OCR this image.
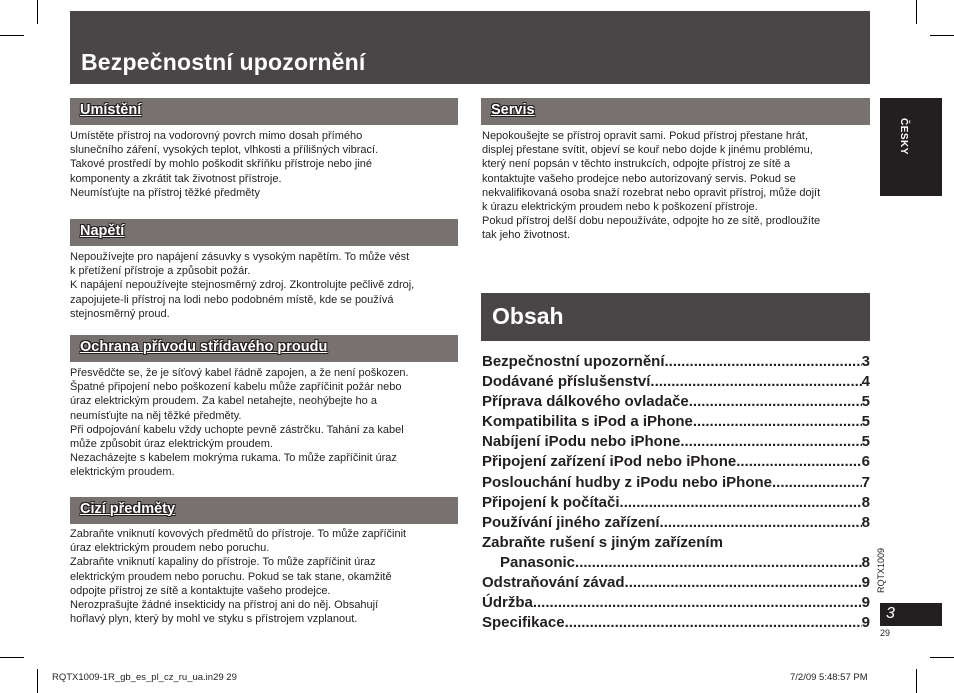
Bezpečnostní upozornění
Umístění
Umístěte přístroj na vodorovný povrch mimo dosah přímého
slunečního záření, vysokých teplot, vlhkosti a přílišných vibrací.
Takové prostředí by mohlo poškodit skříňku přístroje nebo jiné
komponenty a zkrátit tak životnost přístroje.
Neumísťujte na přístroj těžké předměty
Napětí
Nepoužívejte pro napájení zásuvky s vysokým napětím. To může vést
k přetížení přístroje a způsobit požár.
K napájení nepoužívejte stejnosměrný zdroj. Zkontrolujte pečlivě zdroj,
zapojujete-li přístroj na lodi nebo podobném místě, kde se používá
stejnosměrný proud.
Ochrana přívodu střídavého proudu
Přesvědčte se, že je síťový kabel řádně zapojen, a že není poškozen.
Špatné připojení nebo poškození kabelu může zapříčinit požár nebo
úraz elektrickým proudem. Za kabel netahejte, neohýbejte ho a
neumísťujte na něj těžké předměty.
Při odpojování kabelu vždy uchopte pevně zástrčku. Tahání za kabel
může způsobit úraz elektrickým proudem.
Nezacházejte s kabelem mokrýma rukama. To může zapříčinit úraz
elektrickým proudem.
Cizí předměty
Zabraňte vniknutí kovových předmětů do přístroje. To může zapříčinit
úraz elektrickým proudem nebo poruchu.
Zabraňte vniknutí kapaliny do přístroje. To může zapříčinit úraz
elektrickým proudem nebo poruchu. Pokud se tak stane, okamžitě
odpojte přístroj ze sítě a kontaktujte vašeho prodejce.
Nerozprašujte žádné insekticidy na přístroj ani do něj. Obsahují
hořlavý plyn, který by mohl ve styku s přístrojem vzplanout.
Servis
Nepokoušejte se přístroj opravit sami. Pokud přístroj přestane hrát,
displej přestane svítit, objeví se kouř nebo dojde k jinému problému,
který není popsán v těchto instrukcích, odpojte přístroj ze sítě a
kontaktujte vašeho prodejce nebo autorizovaný servis. Pokud se
nekvalifikovaná osoba snaží rozebrat nebo opravit přístroj, může dojít
k úrazu elektrickým proudem nebo k poškození přístroje.
Pokud přístroj delší dobu nepoužíváte, odpojte ho ze sítě, prodloužíte
tak jeho životnost.
Obsah
Bezpečnostní upozornění .....	3
Dodávané příslušenství .....	4
Příprava dálkového ovladače .....	5
Kompatibilita s iPod a iPhone .....	5
Nabíjení iPodu nebo iPhone .....	5
Připojení zařízení iPod nebo iPhone .....	6
Poslouchání hudby z iPodu nebo iPhone .....	7
Připojení k počítači .....	8
Používání jiného zařízení .....	8
Zabraňte rušení s jiným zařízením
Panasonic .....	8
Odstraňování závad .....	9
Údržba .....	9
Specifikace .....	9
ČESKY
RQTX1009
3
29
RQTX1009-1R_gb_es_pl_cz_ru_ua.in29 29	7/2/09 5:48:57 PM
